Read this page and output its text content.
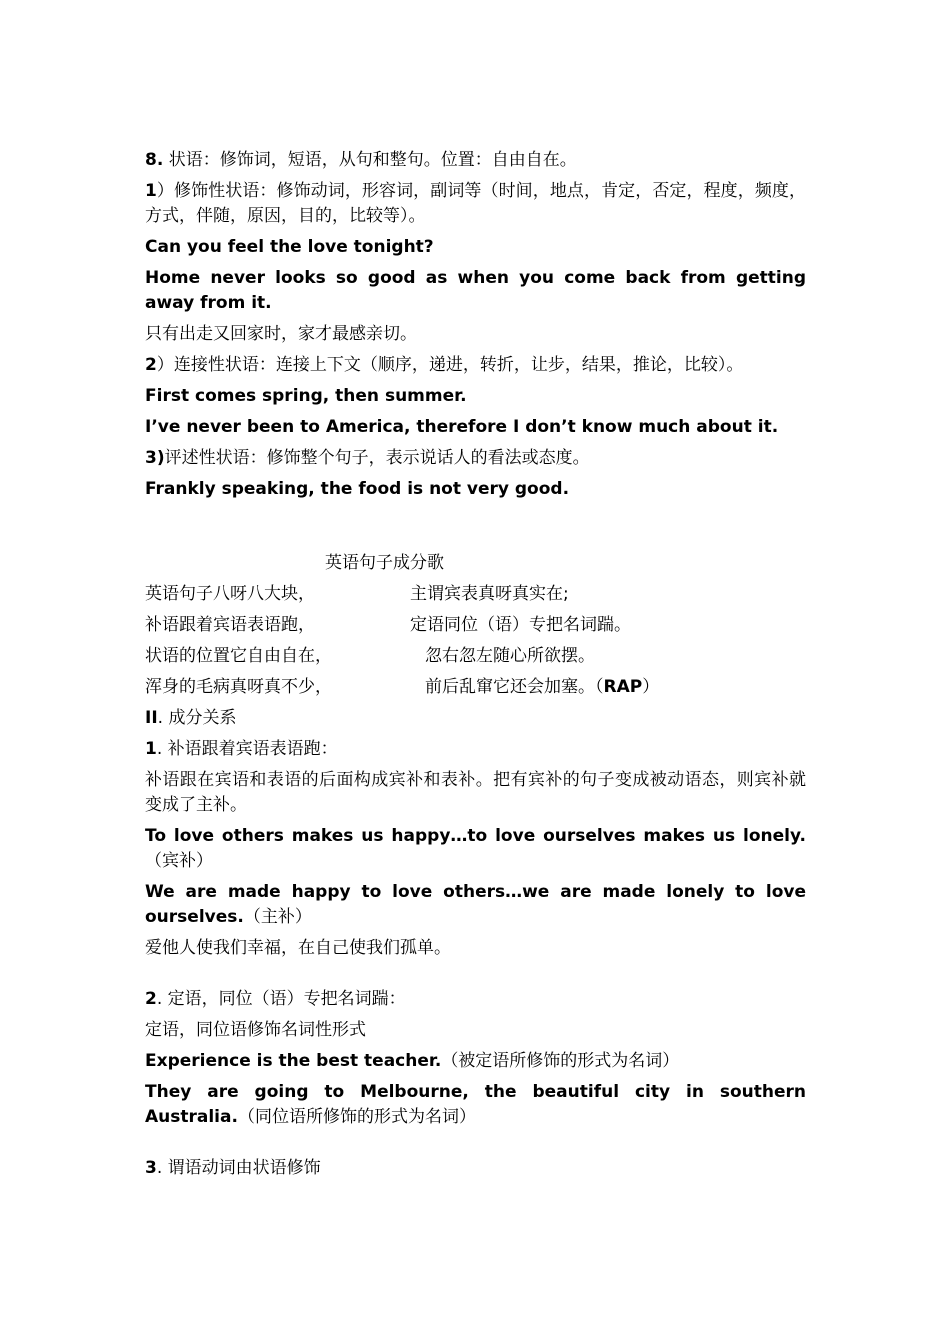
8. 状语：修饰词，短语，从句和整句。位置：自由自在。

1）修饰性状语：修饰动词，形容词，副词等（时间，地点，肯定，否定，程度，频度，方式，伴随，原因，目的，比较等）。

Can you feel the love tonight?

Home never looks so good as when you come back from getting away from it.

只有出走又回家时，家才最感亲切。

2）连接性状语：连接上下文（顺序，递进，转折，让步，结果，推论，比较）。

First comes spring, then summer.

I’ve never been to America, therefore I don’t know much about it.

3)评述性状语：修饰整个句子，表示说话人的看法或态度。

Frankly speaking, the food is not very good.

英语句子成分歌

英语句子八呀八大块，	主谓宾表真呀真实在;
补语跟着宾语表语跑，	定语同位（语）专把名词踹。
状语的位置它自由自在，	忽右忽左随心所欲摆。
浑身的毛病真呀真不少，	前后乱窜它还会加塞。（RAP）

II. 成分关系

1. 补语跟着宾语表语跑：

补语跟在宾语和表语的后面构成宾补和表补。把有宾补的句子变成被动语态，则宾补就变成了主补。

To love others makes us happy…to love ourselves makes us lonely.（宾补）

We are made happy to love others…we are made lonely to love ourselves.（主补）

爱他人使我们幸福，在自己使我们孤单。

2. 定语，同位（语）专把名词踹：

定语，同位语修饰名词性形式

Experience is the best teacher.（被定语所修饰的形式为名词）

They are going to Melbourne, the beautiful city in southern Australia.（同位语所修饰的形式为名词）

3. 谓语动词由状语修饰
